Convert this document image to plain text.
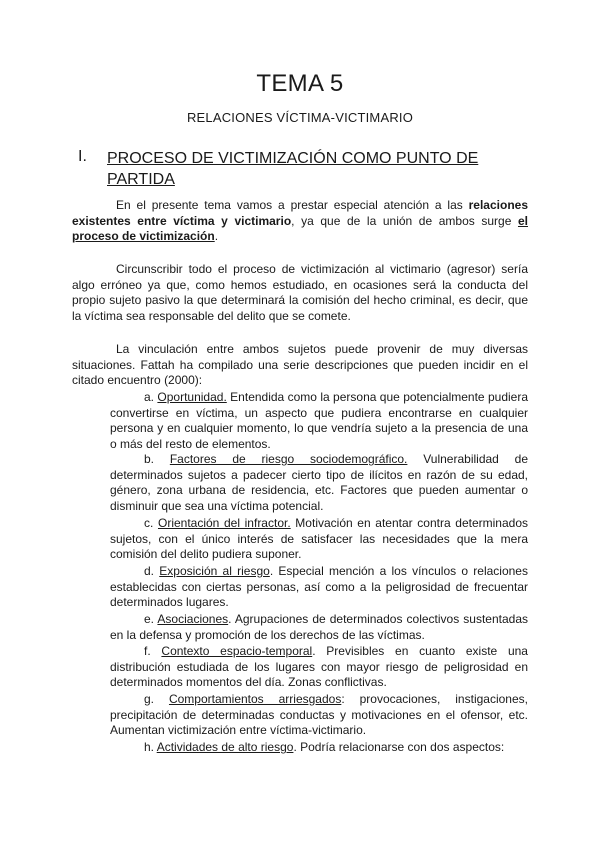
TEMA 5
RELACIONES VÍCTIMA-VICTIMARIO
I. PROCESO DE VICTIMIZACIÓN COMO PUNTO DE PARTIDA
En el presente tema vamos a prestar especial atención a las relaciones existentes entre víctima y victimario, ya que de la unión de ambos surge el proceso de victimización.
Circunscribir todo el proceso de victimización al victimario (agresor) sería algo erróneo ya que, como hemos estudiado, en ocasiones será la conducta del propio sujeto pasivo la que determinará la comisión del hecho criminal, es decir, que la víctima sea responsable del delito que se comete.
La vinculación entre ambos sujetos puede provenir de muy diversas situaciones. Fattah ha compilado una serie descripciones que pueden incidir en el citado encuentro (2000):
a. Oportunidad. Entendida como la persona que potencialmente pudiera convertirse en víctima, un aspecto que pudiera encontrarse en cualquier persona y en cualquier momento, lo que vendría sujeto a la presencia de una o más del resto de elementos.
b. Factores de riesgo sociodemográfico. Vulnerabilidad de determinados sujetos a padecer cierto tipo de ilícitos en razón de su edad, género, zona urbana de residencia, etc. Factores que pueden aumentar o disminuir que sea una víctima potencial.
c. Orientación del infractor. Motivación en atentar contra determinados sujetos, con el único interés de satisfacer las necesidades que la mera comisión del delito pudiera suponer.
d. Exposición al riesgo. Especial mención a los vínculos o relaciones establecidas con ciertas personas, así como a la peligrosidad de frecuentar determinados lugares.
e. Asociaciones. Agrupaciones de determinados colectivos sustentadas en la defensa y promoción de los derechos de las víctimas.
f. Contexto espacio-temporal. Previsibles en cuanto existe una distribución estudiada de los lugares con mayor riesgo de peligrosidad en determinados momentos del día. Zonas conflictivas.
g. Comportamientos arriesgados: provocaciones, instigaciones, precipitación de determinadas conductas y motivaciones en el ofensor, etc. Aumentan victimización entre víctima-victimario.
h. Actividades de alto riesgo. Podría relacionarse con dos aspectos:
